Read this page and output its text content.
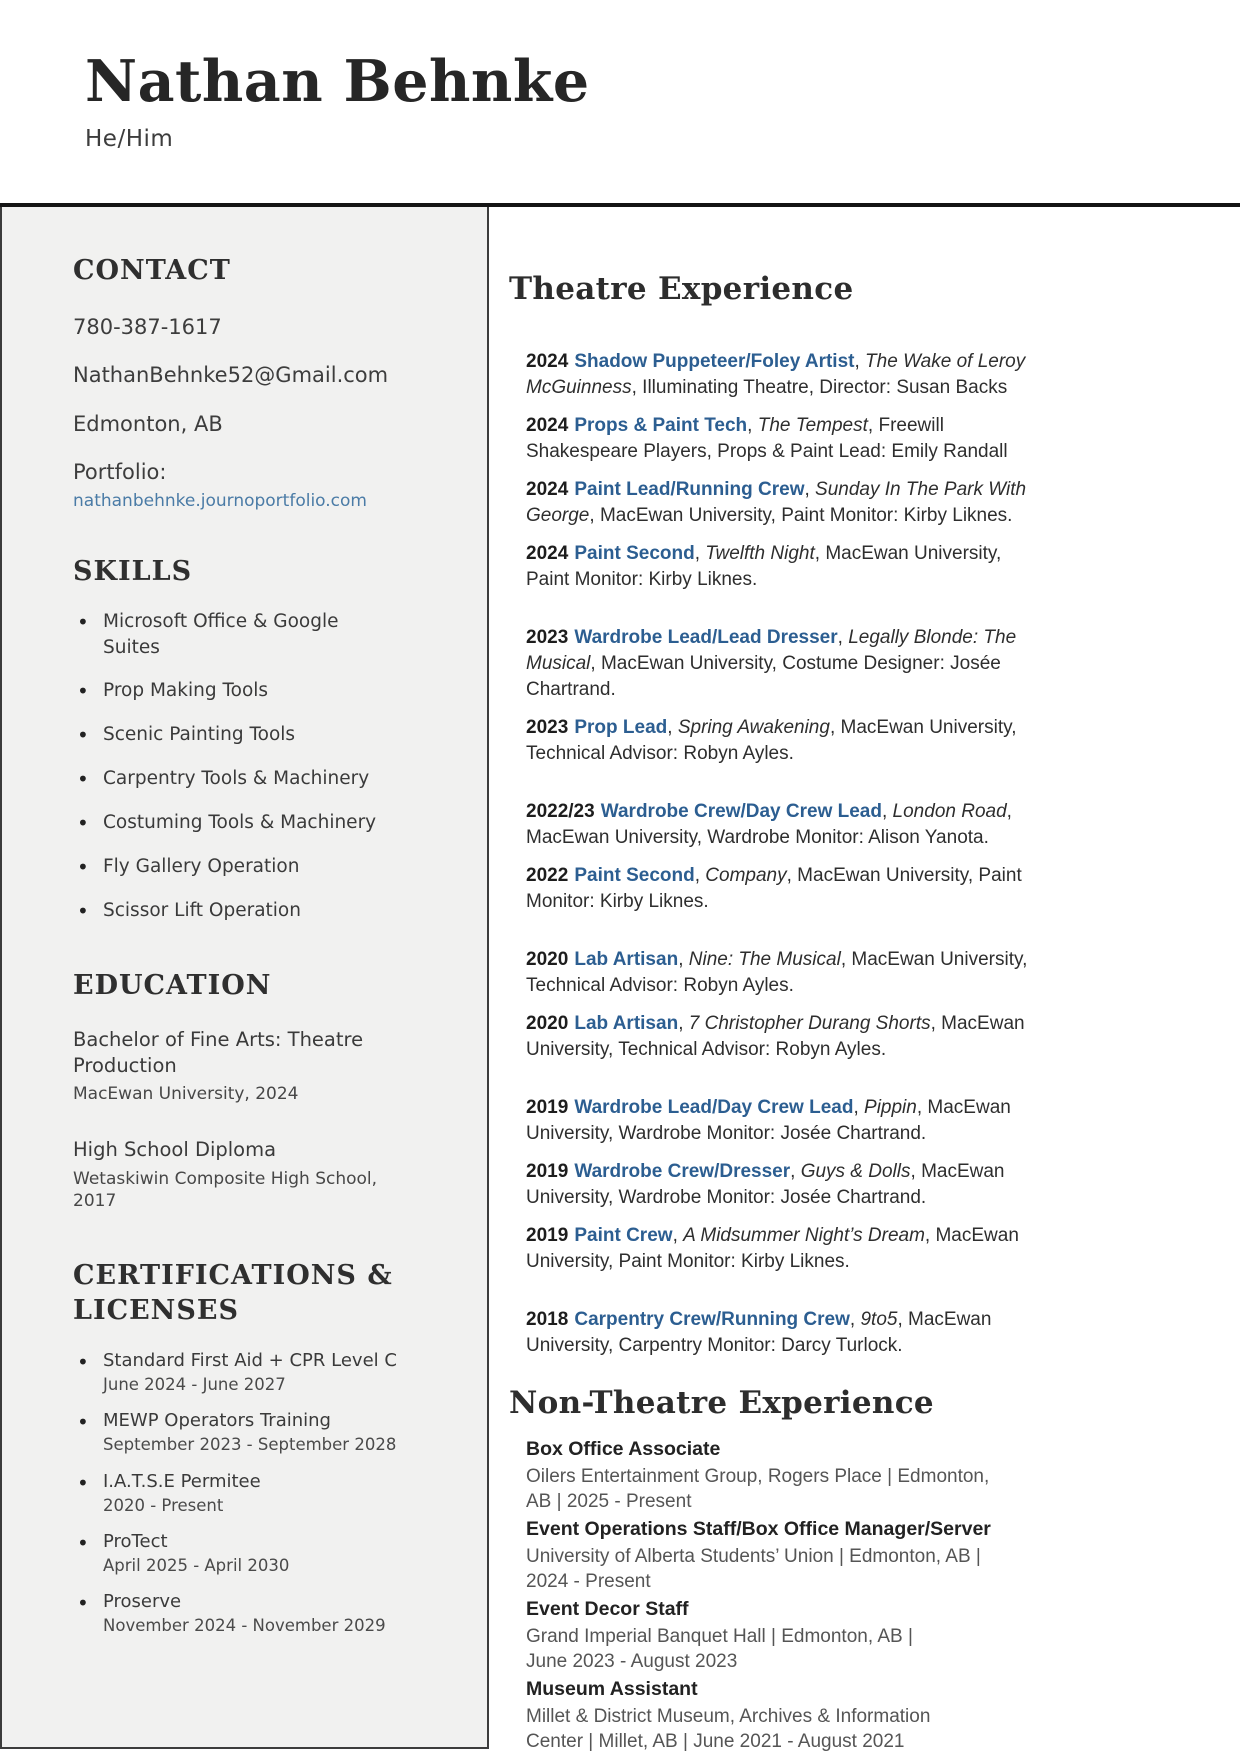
Nathan Behnke
He/Him
CONTACT
780-387-1617
NathanBehnke52@Gmail.com
Edmonton, AB
Portfolio: nathanbehnke.journoportfolio.com
SKILLS
• Microsoft Office & Google Suites
• Prop Making Tools
• Scenic Painting Tools
• Carpentry Tools & Machinery
• Costuming Tools & Machinery
• Fly Gallery Operation
• Scissor Lift Operation
EDUCATION
Bachelor of Fine Arts: Theatre Production
MacEwan University, 2024
High School Diploma
Wetaskiwin Composite High School, 2017
CERTIFICATIONS & LICENSES
• Standard First Aid + CPR Level C
June 2024 - June 2027
• MEWP Operators Training
September 2023 - September 2028
• I.A.T.S.E Permitee
2020 - Present
• ProTect
April 2025 - April 2030
• Proserve
November 2024 - November 2029
Theatre Experience

2024 Shadow Puppeteer/Foley Artist, The Wake of Leroy McGuinness, Illuminating Theatre, Director: Susan Backs

2024 Props & Paint Tech, The Tempest, Freewill Shakespeare Players, Props & Paint Lead: Emily Randall

2024 Paint Lead/Running Crew, Sunday In The Park With George, MacEwan University, Paint Monitor: Kirby Liknes.

2024 Paint Second, Twelfth Night, MacEwan University, Paint Monitor: Kirby Liknes.

2023 Wardrobe Lead/Lead Dresser, Legally Blonde: The Musical, MacEwan University, Costume Designer: Josée Chartrand.

2023 Prop Lead, Spring Awakening, MacEwan University, Technical Advisor: Robyn Ayles.

2022/23 Wardrobe Crew/Day Crew Lead, London Road, MacEwan University, Wardrobe Monitor: Alison Yanota.

2022 Paint Second, Company, MacEwan University, Paint Monitor: Kirby Liknes.

2020 Lab Artisan, Nine: The Musical, MacEwan University, Technical Advisor: Robyn Ayles.

2020 Lab Artisan, 7 Christopher Durang Shorts, MacEwan University, Technical Advisor: Robyn Ayles.

2019 Wardrobe Lead/Day Crew Lead, Pippin, MacEwan University, Wardrobe Monitor: Josée Chartrand.

2019 Wardrobe Crew/Dresser, Guys & Dolls, MacEwan University, Wardrobe Monitor: Josée Chartrand.

2019 Paint Crew, A Midsummer Night’s Dream, MacEwan University, Paint Monitor: Kirby Liknes.

2018 Carpentry Crew/Running Crew, 9to5, MacEwan University, Carpentry Monitor: Darcy Turlock.

Non-Theatre Experience
Box Office Associate
Oilers Entertainment Group, Rogers Place | Edmonton,
AB | 2025 - Present
Event Operations Staff/Box Office Manager/Server
University of Alberta Students’ Union | Edmonton, AB |
2024 - Present
Event Decor Staff
Grand Imperial Banquet Hall | Edmonton, AB |
June 2023 - August 2023
Museum Assistant
Millet & District Museum, Archives & Information
Center | Millet, AB | June 2021 - August 2021
